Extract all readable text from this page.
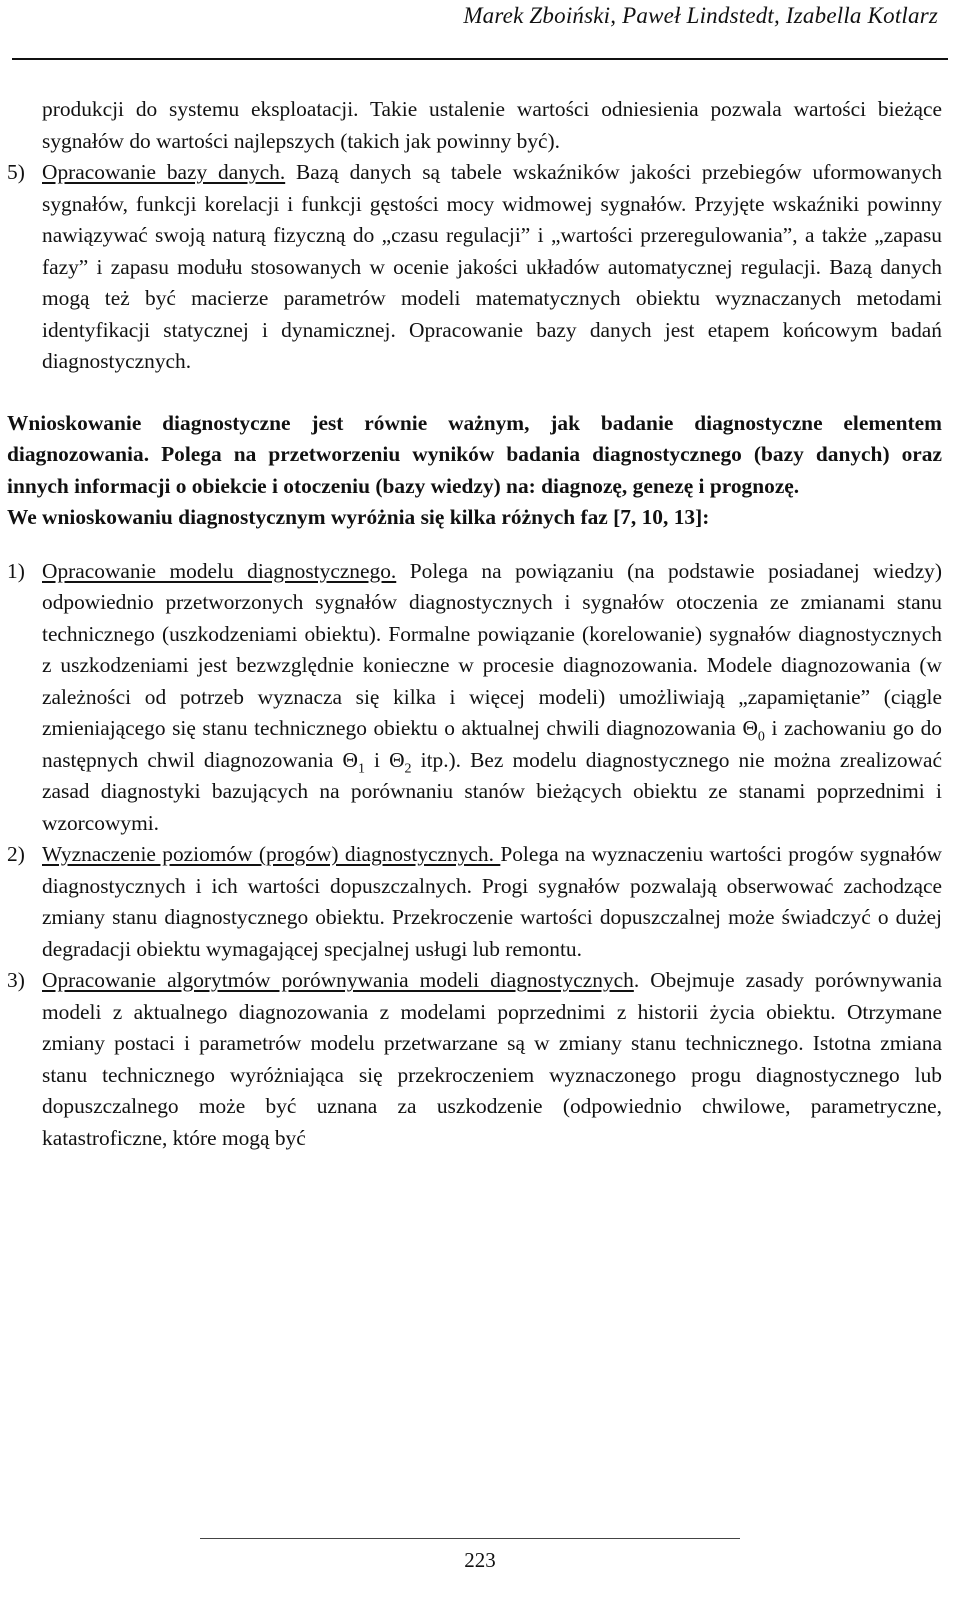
Marek Zboiński, Paweł Lindstedt, Izabella Kotlarz

produkcji do systemu eksploatacji. Takie ustalenie wartości odniesienia pozwala wartości bieżące sygnałów do wartości najlepszych (takich jak powinny być).

5) Opracowanie bazy danych. Bazą danych są tabele wskaźników jakości przebiegów uformowanych sygnałów, funkcji korelacji i funkcji gęstości mocy widmowej sygnałów. Przyjęte wskaźniki powinny nawiązywać swoją naturą fizyczną do „czasu regulacji” i „wartości przeregulowania”, a także „zapasu fazy” i zapasu modułu stosowanych w ocenie jakości układów automatycznej regulacji. Bazą danych mogą też być macierze parametrów modeli matematycznych obiektu wyznaczanych metodami identyfikacji statycznej i dynamicznej. Opracowanie bazy danych jest etapem końcowym badań diagnostycznych.

Wnioskowanie diagnostyczne jest równie ważnym, jak badanie diagnostyczne elementem diagnozowania. Polega na przetworzeniu wyników badania diagnostycznego (bazy danych) oraz innych informacji o obiekcie i otoczeniu (bazy wiedzy) na: diagnozę, genezę i prognozę.

We wnioskowaniu diagnostycznym wyróżnia się kilka różnych faz [7, 10, 13]:

1) Opracowanie modelu diagnostycznego. Polega na powiązaniu (na podstawie posiadanej wiedzy) odpowiednio przetworzonych sygnałów diagnostycznych i sygnałów otoczenia ze zmianami stanu technicznego (uszkodzeniami obiektu). Formalne powiązanie (korelowanie) sygnałów diagnostycznych z uszkodzeniami jest bezwzględnie konieczne w procesie diagnozowania. Modele diagnozowania (w zależności od potrzeb wyznacza się kilka i więcej modeli) umożliwiają „zapamiętanie” (ciągle zmieniającego się stanu technicznego obiektu o aktualnej chwili diagnozowania $\Theta_0$ i zachowaniu go do następnych chwil diagnozowania $\Theta_1$ i $\Theta_2$ itp.). Bez modelu diagnostycznego nie można zrealizować zasad diagnostyki bazujących na porównaniu stanów bieżących obiektu ze stanami poprzednimi i wzorcowymi.
2) Wyznaczenie poziomów (progów) diagnostycznych. Polega na wyznaczeniu wartości progów sygnałów diagnostycznych i ich wartości dopuszczalnych. Progi sygnałów pozwalają obserwować zachodzące zmiany stanu diagnostycznego obiektu. Przekroczenie wartości dopuszczalnej może świadczyć o dużej degradacji obiektu wymagającej specjalnej usługi lub remontu.
3) Opracowanie algorytmów porównywania modeli diagnostycznych. Obejmuje zasady porównywania modeli z aktualnego diagnozowania z modelami poprzednimi z historii życia obiektu. Otrzymane zmiany postaci i parametrów modelu przetwarzane są w zmiany stanu technicznego. Istotna zmiana stanu technicznego wyróżniająca się przekroczeniem wyznaczonego progu diagnostycznego lub dopuszczalnego może być uznana za uszkodzenie (odpowiednio chwilowe, parametryczne, katastroficzne, które mogą być
223
